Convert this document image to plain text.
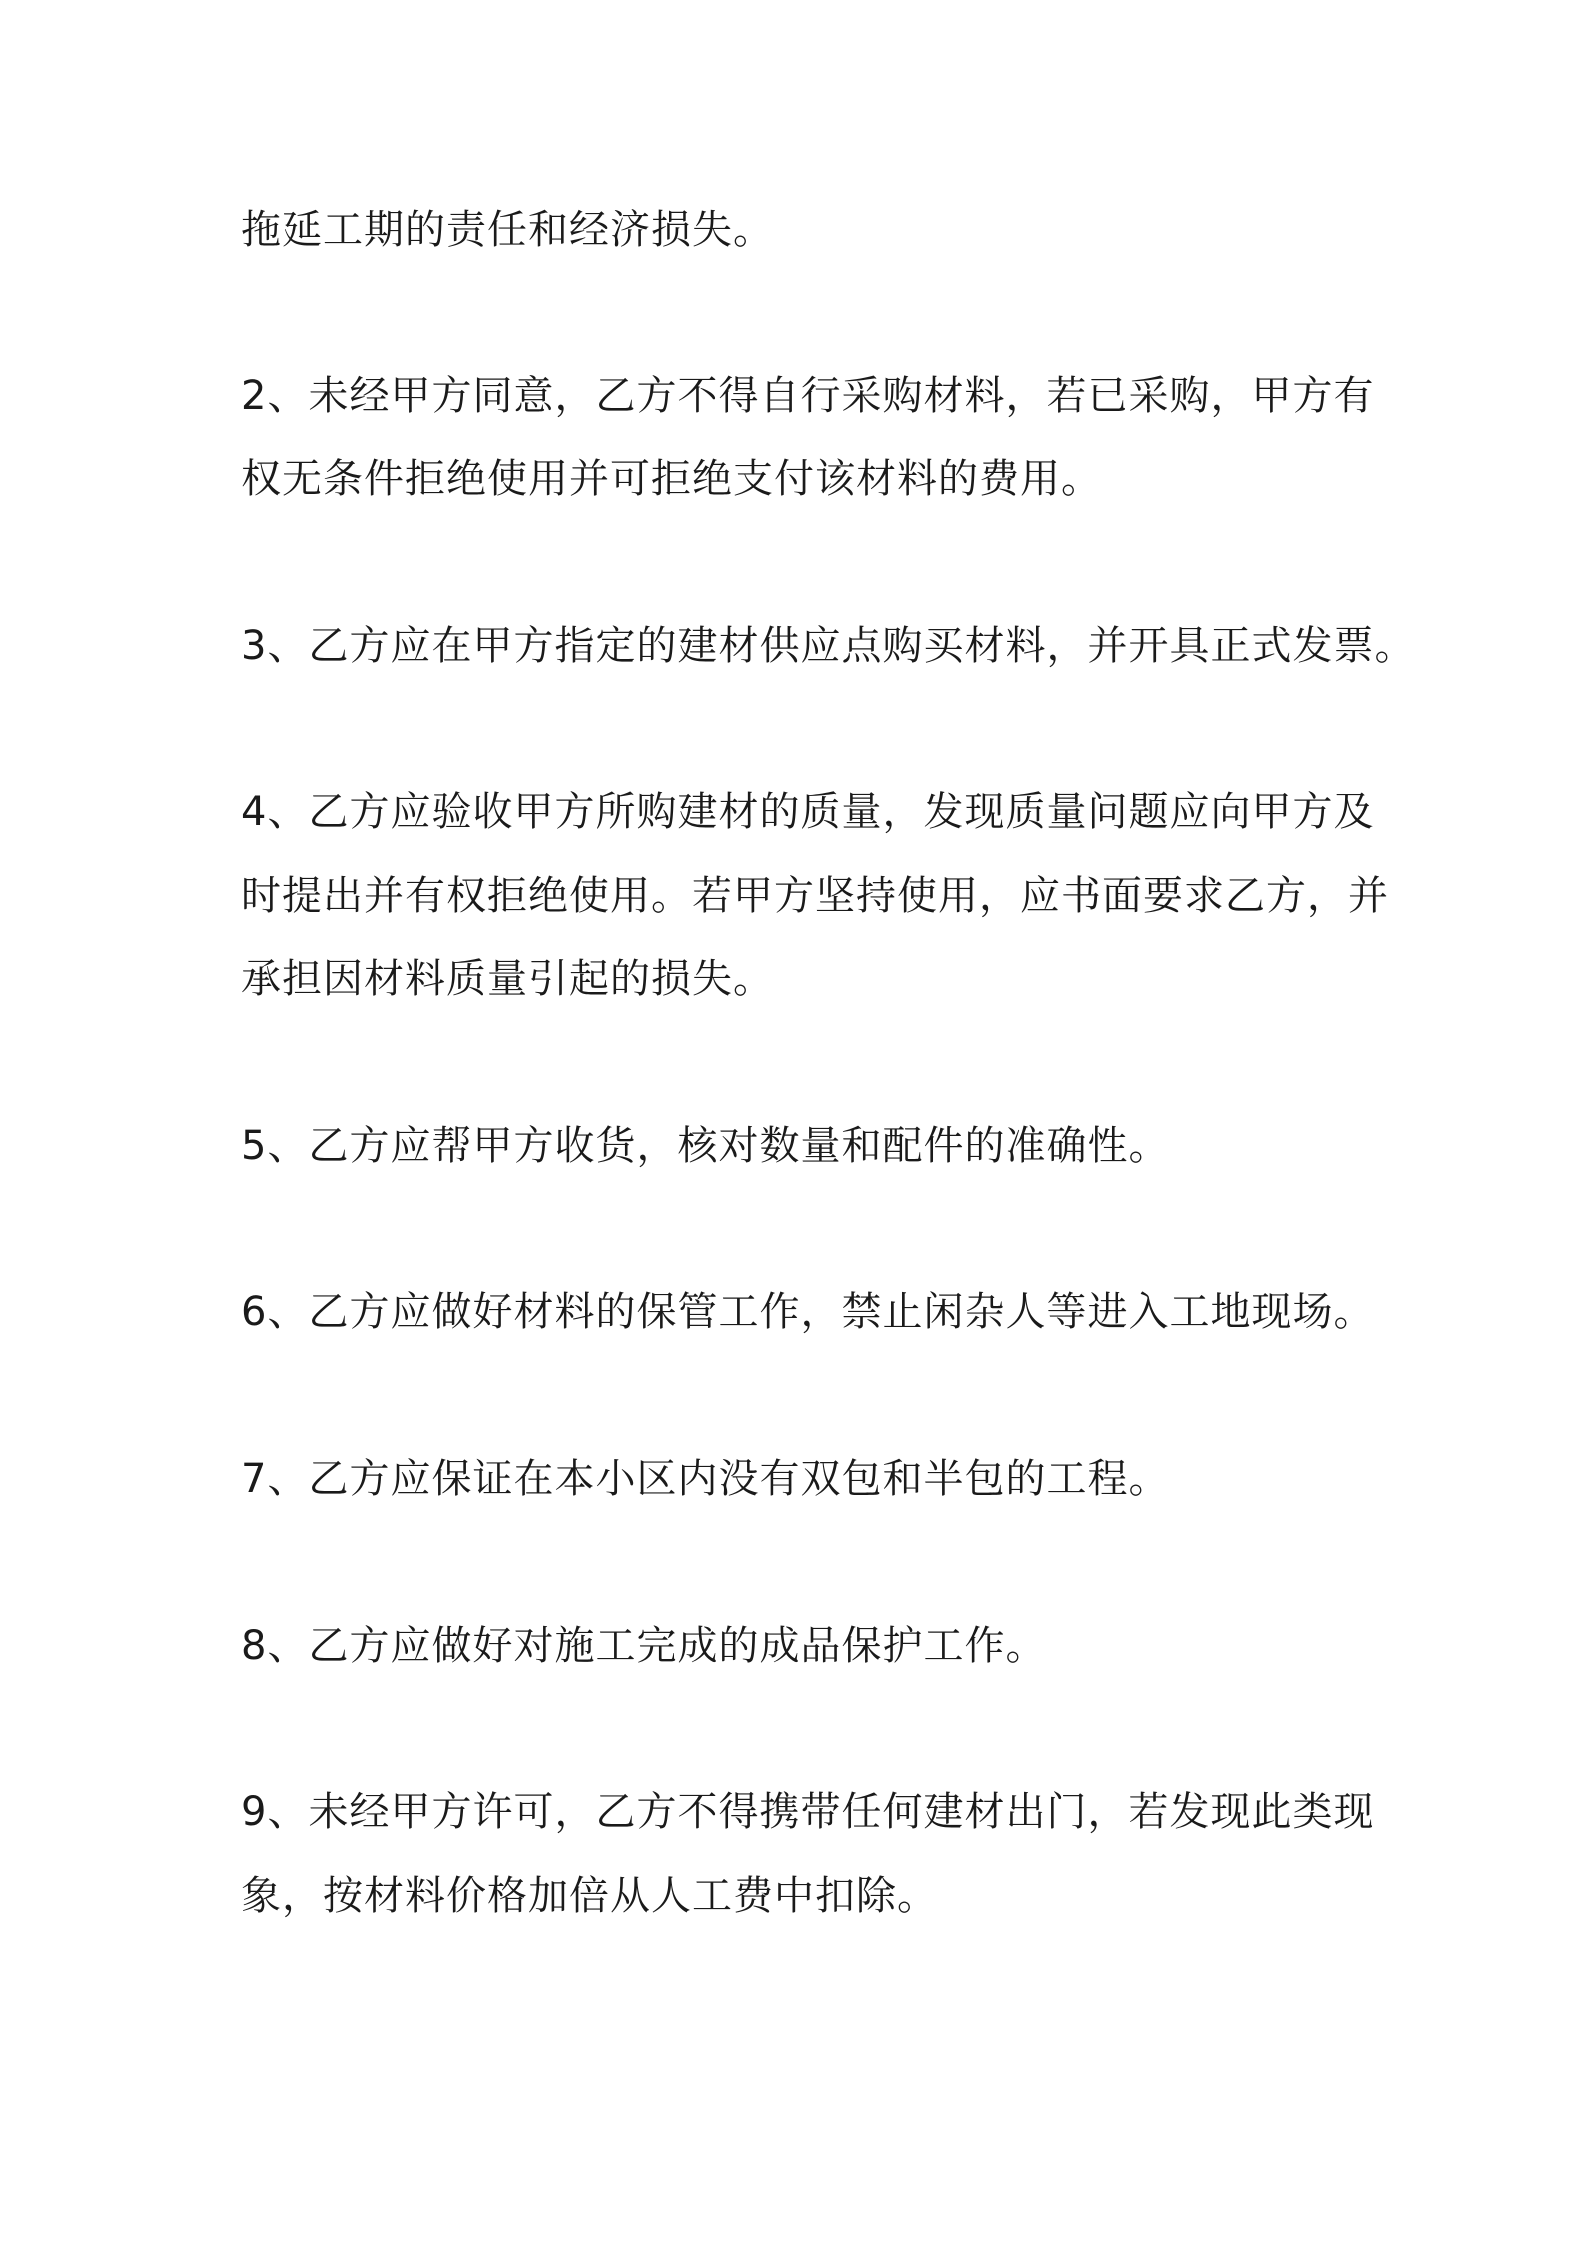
拖延工期的责任和经济损失。

2、未经甲方同意，乙方不得自行采购材料，若已采购，甲方有

权无条件拒绝使用并可拒绝支付该材料的费用。

3、乙方应在甲方指定的建材供应点购买材料，并开具正式发票。

4、乙方应验收甲方所购建材的质量，发现质量问题应向甲方及

时提出并有权拒绝使用。若甲方坚持使用，应书面要求乙方，并

承担因材料质量引起的损失。

5、乙方应帮甲方收货，核对数量和配件的准确性。

6、乙方应做好材料的保管工作，禁止闲杂人等进入工地现场。

7、乙方应保证在本小区内没有双包和半包的工程。

8、乙方应做好对施工完成的成品保护工作。

9、未经甲方许可，乙方不得携带任何建材出门，若发现此类现

象，按材料价格加倍从人工费中扣除。
